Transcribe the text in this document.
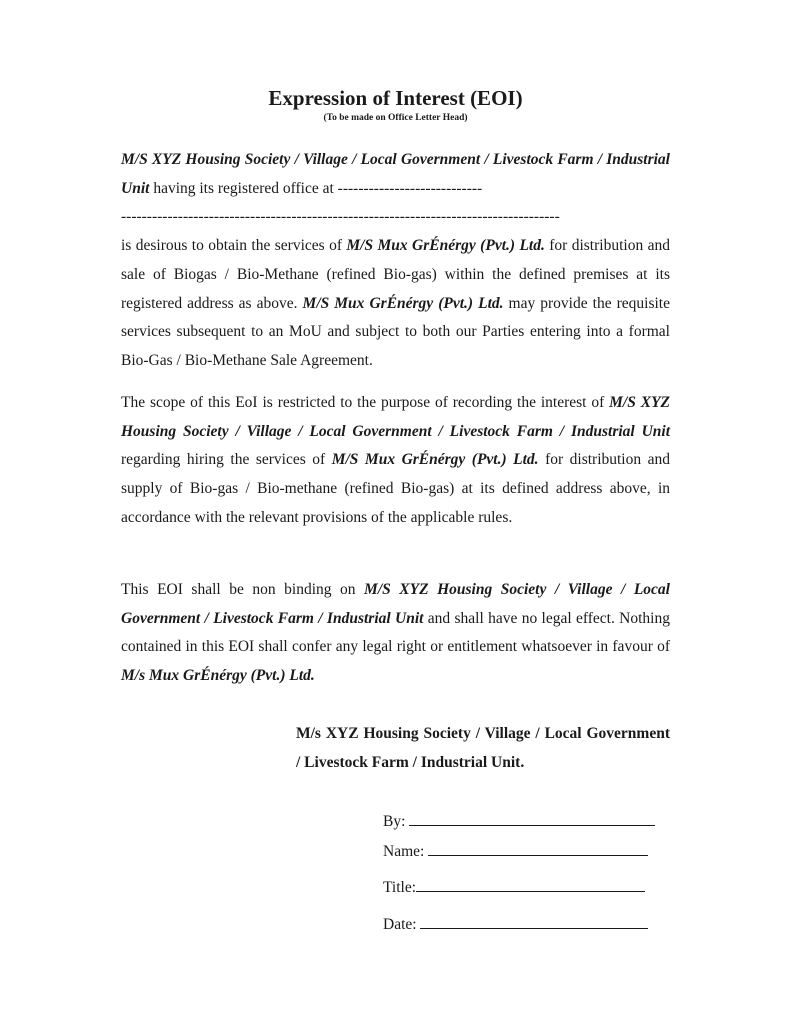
Expression of Interest (EOI)
(To be made on Office Letter Head)

M/S XYZ Housing Society / Village / Local Government / Livestock Farm / Industrial Unit having its registered office at ----------------------------
-------------------------------------------------------------------------------------
is desirous to obtain the services of M/S Mux GrÉnérgy (Pvt.) Ltd. for distribution and sale of Biogas / Bio-Methane (refined Bio-gas) within the defined premises at its registered address as above. M/S Mux GrÉnérgy (Pvt.) Ltd. may provide the requisite services subsequent to an MoU and subject to both our Parties entering into a formal Bio-Gas / Bio-Methane Sale Agreement.

The scope of this EoI is restricted to the purpose of recording the interest of M/S XYZ Housing Society / Village / Local Government / Livestock Farm / Industrial Unit regarding hiring the services of M/S Mux GrÉnérgy (Pvt.) Ltd. for distribution and supply of Bio-gas / Bio-methane (refined Bio-gas) at its defined address above, in accordance with the relevant provisions of the applicable rules.

This EOI shall be non binding on M/S XYZ Housing Society / Village / Local Government / Livestock Farm / Industrial Unit and shall have no legal effect. Nothing contained in this EOI shall confer any legal right or entitlement whatsoever in favour of M/s Mux GrÉnérgy (Pvt.) Ltd.

M/s XYZ Housing Society / Village / Local Government / Livestock Farm / Industrial Unit.

By:
Name:
Title:
Date:
